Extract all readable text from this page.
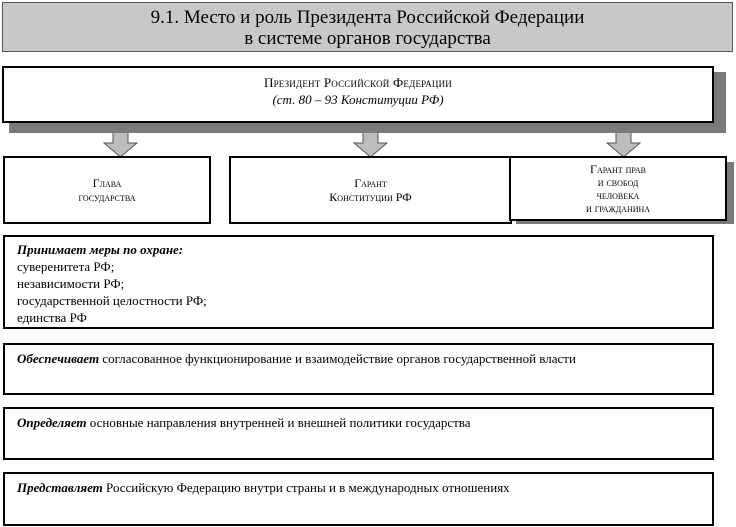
9.1. Место и роль Президента Российской Федерации
в системе органов государства
Президент Российской Федерации
(ст. 80 – 93 Конституции РФ)
Глава
государства
Гарант
Конституции РФ
Гарант прав
и свобод
человека
и гражданина
Принимает меры по охране:
суверенитета РФ;
независимости РФ;
государственной целостности РФ;
единства РФ
Обеспечивает согласованное функционирование и взаимодействие органов государственной власти
Определяет основные направления внутренней и внешней политики государства
Представляет Российскую Федерацию внутри страны и в международных отношениях
